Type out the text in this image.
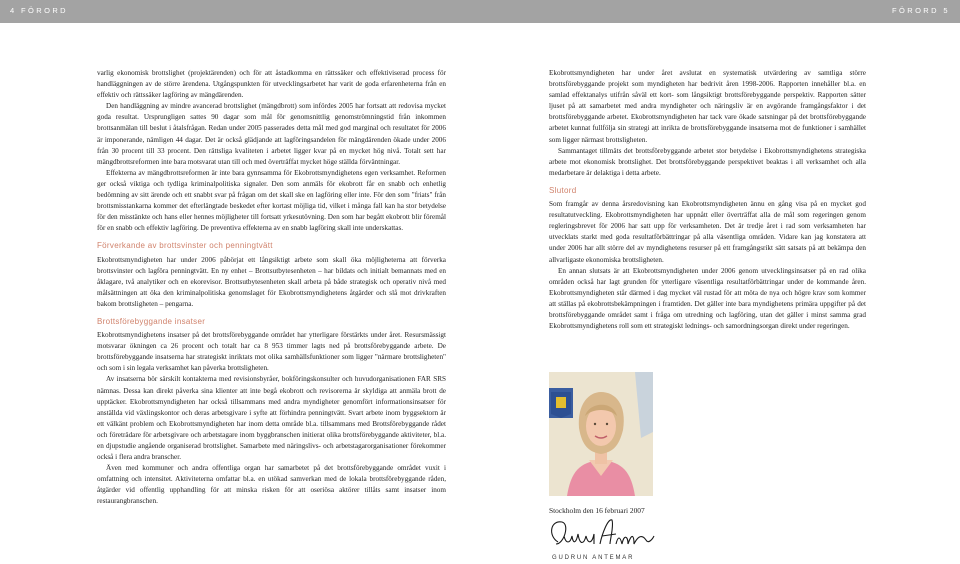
4 FÖRORD	FÖRORD 5

varlig ekonomisk brottslighet (projektärenden) och för att åstadkomma en rättssäker och effektiviserad process för handläggningen av de större ärendena. Utgångspunkten för utvecklingsarbetet har varit de goda erfarenheterna från en effektiv och rättssäker lagföring av mängdärenden.

Den handläggning av mindre avancerad brottslighet (mängdbrott) som infördes 2005 har fortsatt att redovisa mycket goda resultat. Ursprungligen sattes 90 dagar som mål för genomsnittlig genomströmningstid från inkommen brottsanmälan till beslut i åtalsfrågan. Redan under 2005 passerades detta mål med god marginal och resultatet för 2006 är imponerande, nämligen 44 dagar. Det är också glädjande att lagföringsandelen för mängdärenden ökade under 2006 från 30 procent till 33 procent. Den rättsliga kvaliteten i arbetet ligger kvar på en mycket hög nivå. Totalt sett har mängdbrottsreformen inte bara motsvarat utan till och med överträffat mycket höge ställda förväntningar.

Effekterna av mängdbrottsreformen är inte bara gynnsamma för Ekobrottsmyndighetens egen verksamhet. Reformen ger också viktiga och tydliga kriminalpolitiska signaler. Den som anmäls för ekobrott får en snabb och enhetlig bedömning av sitt ärende och ett snabbt svar på frågan om det skall ske en lagföring eller inte. För den som "friats" från brottsmisstankarna kommer det efterlängtade beskedet efter kortast möjliga tid, vilket i många fall kan ha stor betydelse för den misstänkte och hans eller hennes möjligheter till fortsatt yrkesutövning. Den som har begått ekobrott blir föremål för en snabb och effektiv lagföring. De preventiva effekterna av en snabb lagföring skall inte underskattas.

Förverkande av brottsvinster och penningtvätt

Ekobrottsmyndigheten har under 2006 påbörjat ett långsiktigt arbete som skall öka möjligheterna att förverka brottsvinster och lagföra penningtvätt. En ny enhet – Brottsutbytesenheten – har bildats och initialt bemannats med en åklagare, två analytiker och en ekorevisor. Brottsutbytesenheten skall arbeta på både strategisk och operativ nivå med målsättningen att öka den kriminalpolitiska genomslaget för Ekobrottsmyndighetens åtgärder och slå mot drivkraften bakom brottsligheten – pengarna.

Brottsförebyggande insatser

Ekobrottsmyndighetens insatser på det brottsförebyggande området har ytterligare förstärkts under året. Resursmässigt motsvarar ökningen ca 26 procent och totalt har ca 8 953 timmer lagts ned på brottsförebyggande arbete. De brottsförebyggande insatserna har strategiskt inriktats mot olika samhällsfunktioner som ligger "närmare brottsligheten" och som i sin legala verksamhet kan påverka brottsligheten.

Av insatserna bör särskilt kontakterna med revisionsbyråer, bokföringskonsulter och huvudorganisationen FAR SRS nämnas. Dessa kan direkt påverka sina klienter att inte begå ekobrott och revisorerna är skyldiga att anmäla brott de upptäcker. Ekobrottsmyndigheten har också tillsammans med andra myndigheter genomfört informationsinsatser för anställda vid växlingskontor och deras arbetsgivare i syfte att förhindra penningtvätt. Svart arbete inom byggsektorn är ett välkänt problem och Ekobrottsmyndigheten har inom detta område bl.a. tillsammans med Brottsförebyggande rådet och företrädare för arbetsgivare och arbetstagare inom byggbranschen initierat olika brottsförebyggande aktiviteter, bl.a. en djupstudie angående organiserad brottslighet. Samarbete med näringslivs- och arbetstagarorganisationer förekommer också i flera andra branscher.

Även med kommuner och andra offentliga organ har samarbetet på det brottsförebyggande området vuxit i omfattning och intensitet. Aktiviteterna omfattar bl.a. en utökad samverkan med de lokala brottsförebyggande råden, åtgärder vid offentlig upphandling för att minska risken för att oseriösa aktörer tillåts samt insatser inom restaurangbranschen.

Ekobrottsmyndigheten har under året avslutat en systematisk utvärdering av samtliga större brottsförebyggande projekt som myndigheten har bedrivit åren 1998-2006. Rapporten innehåller bl.a. en samlad effektanalys utifrån såväl ett kort- som långsiktigt brottsförebyggande perspektiv. Rapporten sätter ljuset på att samarbetet med andra myndigheter och näringsliv är en avgörande framgångsfaktor i det brottsförebyggande arbetet. Ekobrottsmyndigheten har tack vare ökade satsningar på det brottsförebyggande arbetet kunnat fullfölja sin strategi att inrikta de brottsförebyggande insatserna mot de funktioner i samhället som ligger närmast brottsligheten.

Sammantaget tillmäts det brottsförebyggande arbetet stor betydelse i Ekobrottsmyndighetens strategiska arbete mot ekonomisk brottslighet. Det brottsförebyggande perspektivet beaktas i all verksamhet och alla medarbetare är delaktiga i detta arbete.

Slutord

Som framgår av denna årsredovisning kan Ekobrottsmyndigheten ännu en gång visa på en mycket god resultatutveckling. Ekobrottsmyndigheten har uppnått eller överträffat alla de mål som regeringen genom regleringsbrevet för 2006 har satt upp för verksamheten. Det är tredje året i rad som verksamheten har utvecklats starkt med goda resultatförbättringar på alla väsentliga områden. Vidare kan jag konstatera att under 2006 har allt större del av myndighetens resurser på ett framgångsrikt sätt satsats på att bekämpa den allvarligaste ekonomiska brottsligheten.

En annan slutsats är att Ekobrottsmyndigheten under 2006 genom utvecklingsinsatser på en rad olika områden också har lagt grunden för ytterligare väsentliga resultatförbättringar under de kommande åren. Ekobrottsmyndigheten står därmed i dag mycket väl rustad för att möta de nya och högre krav som kommer att ställas på ekobrottsbekämpningen i framtiden. Det gäller inte bara myndighetens primära uppgifter på det brottsförebyggande området samt i fråga om utredning och lagföring, utan det gäller i minst samma grad Ekobrottsmyndighetens roll som ett strategiskt lednings- och samordningsorgan direkt under regeringen.

Stockholm den 16 februari 2007
GUDRUN ANTEMAR
